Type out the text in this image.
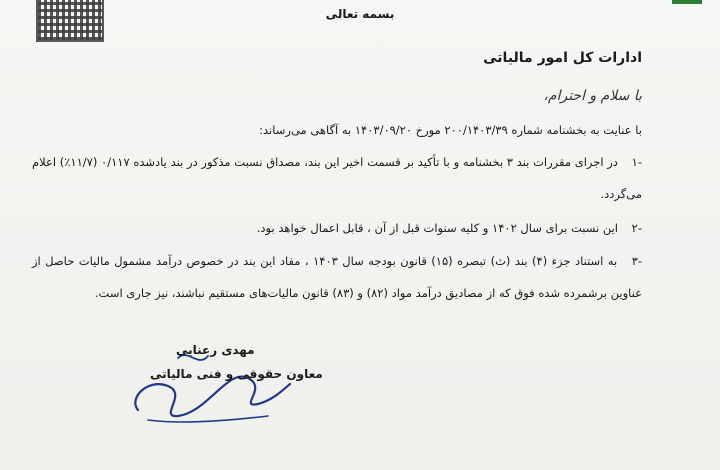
بسمه تعالی
ادارات کل امور مالیاتی
با سلام و احترام،
با عنایت به بخشنامه شماره ۲۰۰/۱۴۰۳/۳۹ مورخ ۱۴۰۳/۰۹/۲۰ به آگاهی می‌رساند:
-۱ در اجرای مقررات بند ۳ بخشنامه و با تأکید بر قسمت اخیر این بند، مصداق نسبت مذکور در بند یادشده ۰/۱۱۷ (۱۱/۷٪) اعلام می‌گردد.
-۲ این نسبت برای سال ۱۴۰۲ و کلیه سنوات قبل از آن ، قابل اعمال خواهد بود.
-۳ به استناد جزء (۴) بند (ث) تبصره (۱۵) قانون بودجه سال ۱۴۰۳ ، مفاد این بند در خصوص درآمد مشمول مالیات حاصل از عناوین برشمرده شده فوق که از مصادیق درآمد مواد (۸۲) و (۸۳) قانون مالیات‌های مستقیم نباشند، نیز جاری است.
مهدی رعنایی
معاون حقوقی و فنی مالیاتی
